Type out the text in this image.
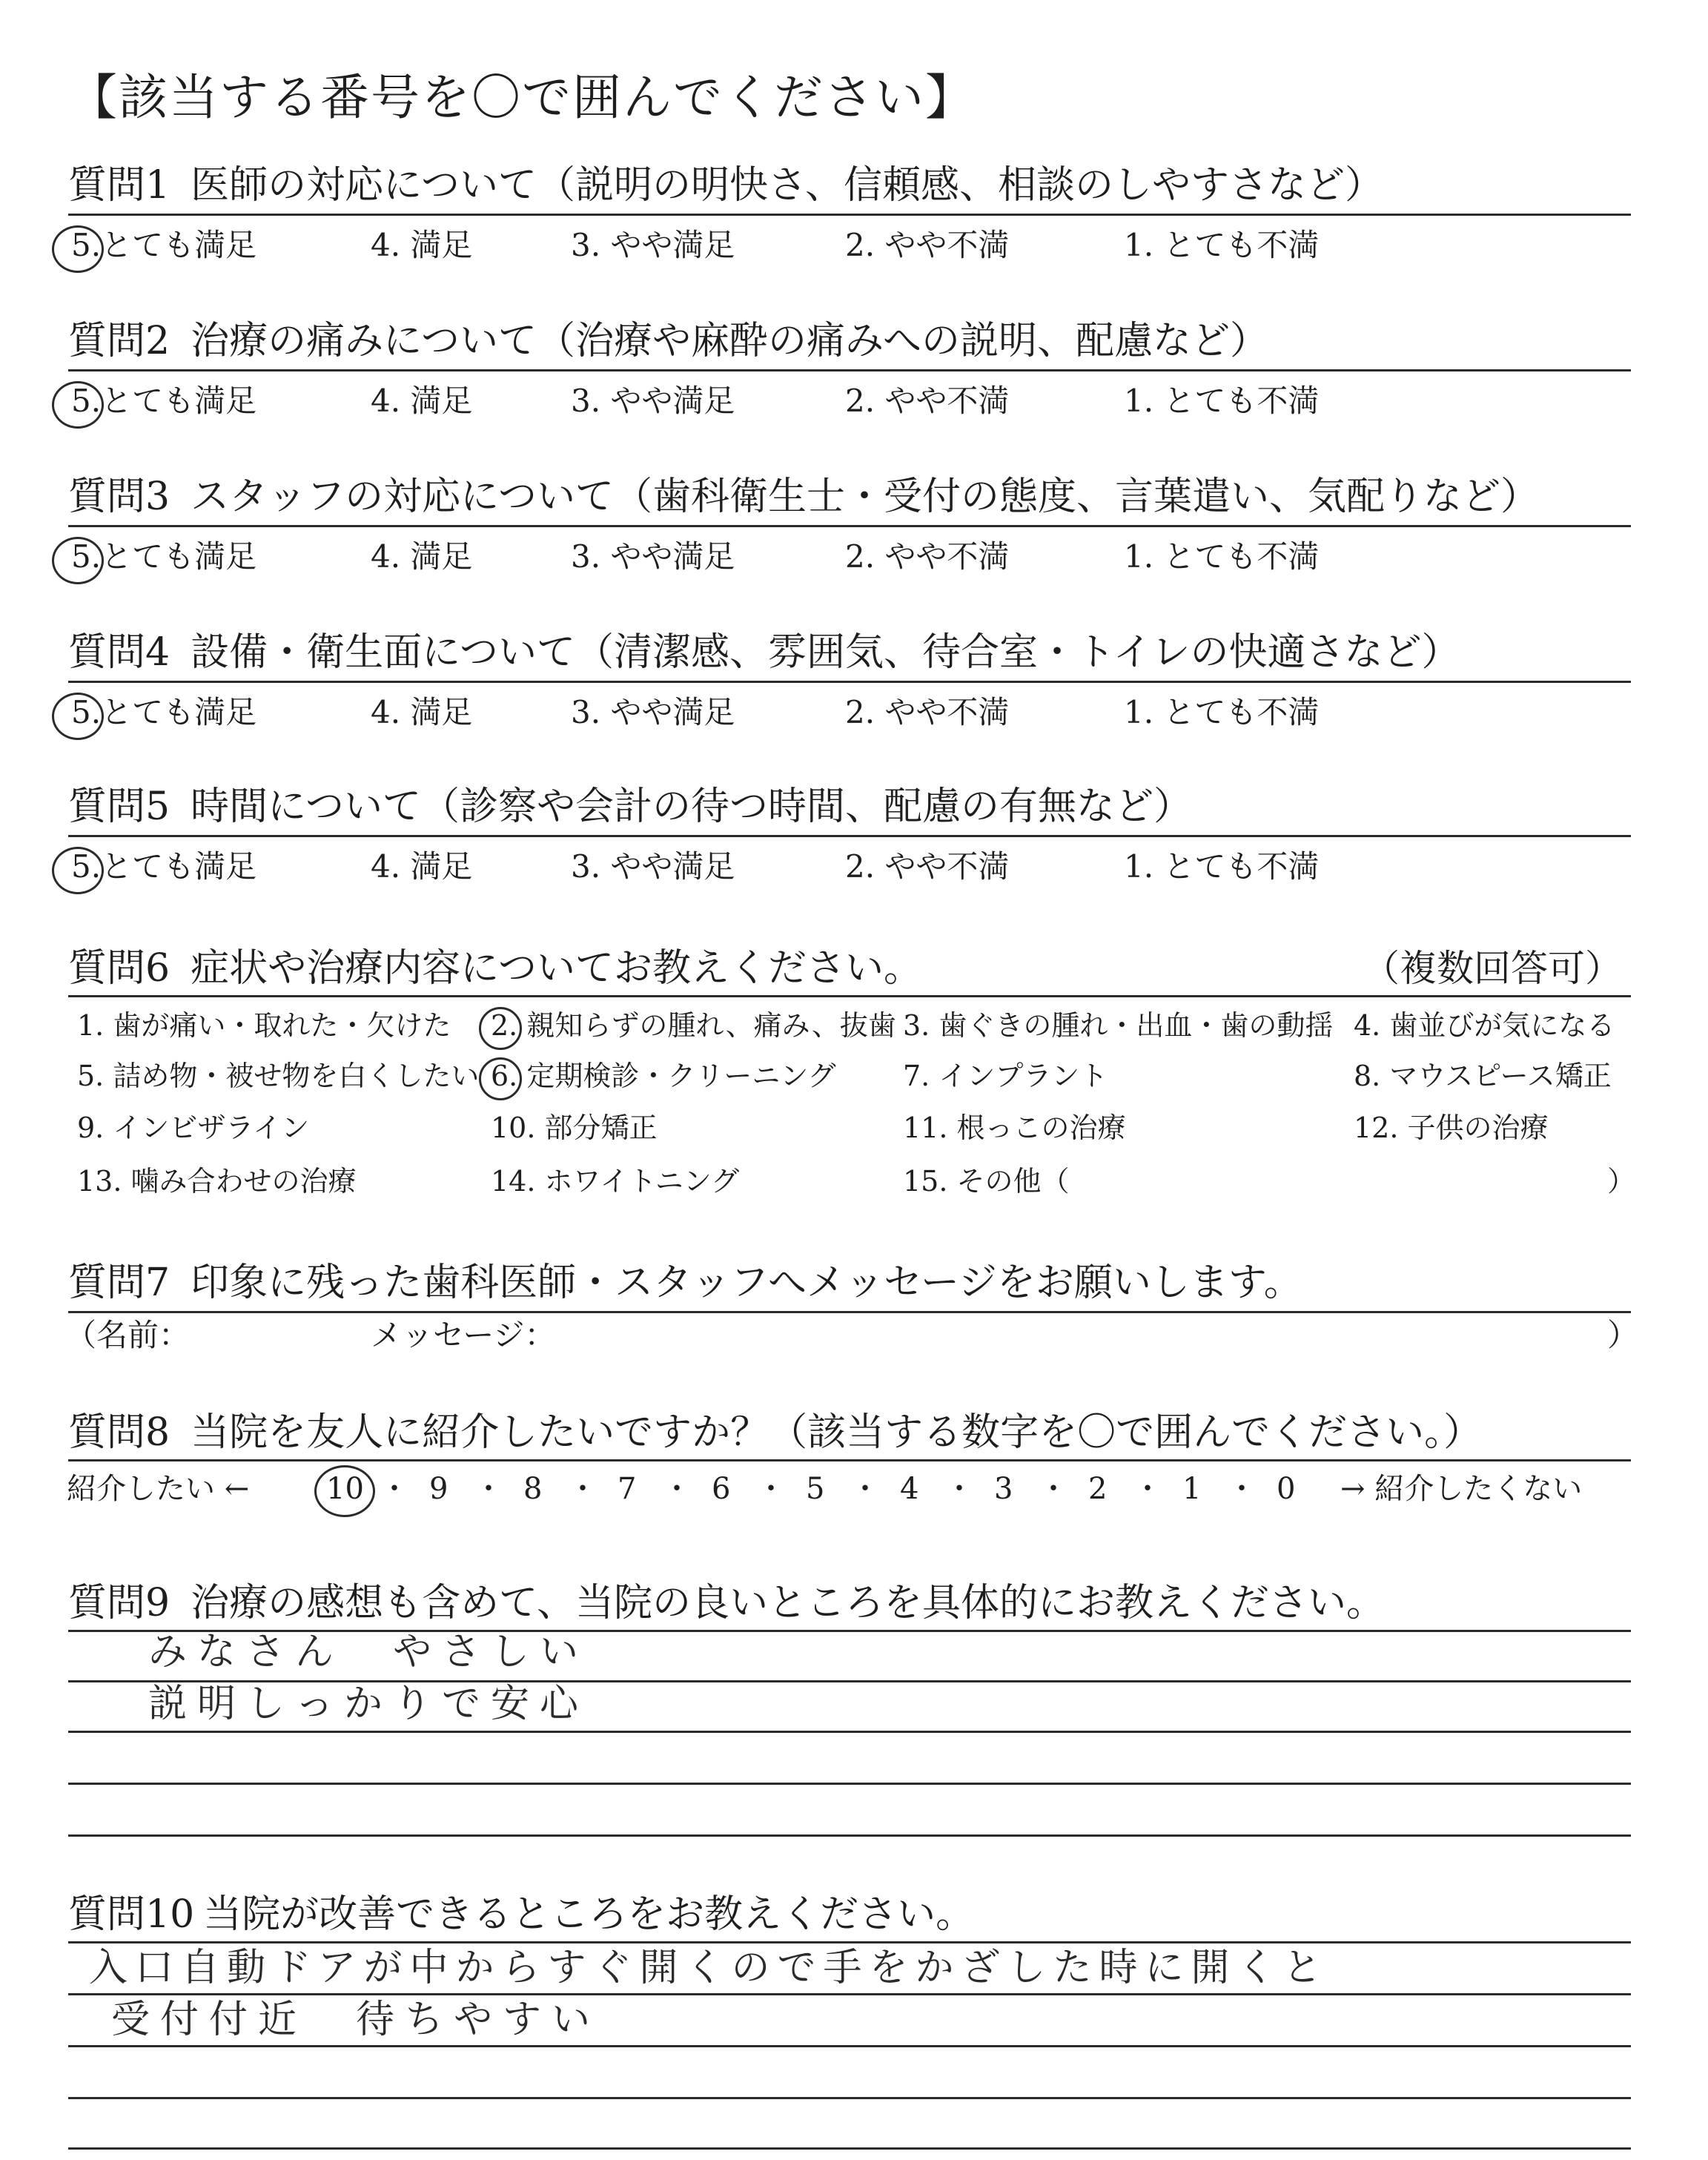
【該当する番号を〇で囲んでください】
質問1 医師の対応について（説明の明快さ、信頼感、相談のしやすさなど）
5.とても満足	4. 満足	3. やや満足	2. やや不満	1. とても不満
質問2 治療の痛みについて（治療や麻酔の痛みへの説明、配慮など）
5.とても満足	4. 満足	3. やや満足	2. やや不満	1. とても不満
質問3 スタッフの対応について（歯科衛生士・受付の態度、言葉遣い、気配りなど）
5.とても満足	4. 満足	3. やや満足	2. やや不満	1. とても不満
質問4 設備・衛生面について（清潔感、雰囲気、待合室・トイレの快適さなど）
5.とても満足	4. 満足	3. やや満足	2. やや不満	1. とても不満
質問5 時間について（診察や会計の待つ時間、配慮の有無など）
5.とても満足	4. 満足	3. やや満足	2. やや不満	1. とても不満
質問6 症状や治療内容についてお教えください。	（複数回答可）
1. 歯が痛い・取れた・欠けた 2. 親知らずの腫れ、痛み、抜歯 3. 歯ぐきの腫れ・出血・歯の動揺 4. 歯並びが気になる
5. 詰め物・被せ物を白くしたい 6. 定期検診・クリーニング 7. インプラント	8. マウスピース矯正
9. インビザライン	10. 部分矯正	11. 根っこの治療	12. 子供の治療
13. 噛み合わせの治療	14. ホワイトニング	15. その他（	）
質問7 印象に残った歯科医師・スタッフへメッセージをお願いします。
（名前：	メッセージ：	）
質問8 当院を友人に紹介したいですか？（該当する数字を〇で囲んでください。）
紹介したい ←	→ 紹介したくない
10 ・ 9 ・ 8 ・ 7 ・ 6 ・ 5 ・ 4 ・ 3 ・ 2 ・ 1 ・ 0
質問9 治療の感想も含めて、当院の良いところを具体的にお教えください。
みなさん　やさしい
説明しっかりで安心
質問10 当院が改善できるところをお教えください。
入口自動ドアが中からすぐ開くので手をかざした時に開くと
受付付近　待ちやすい
